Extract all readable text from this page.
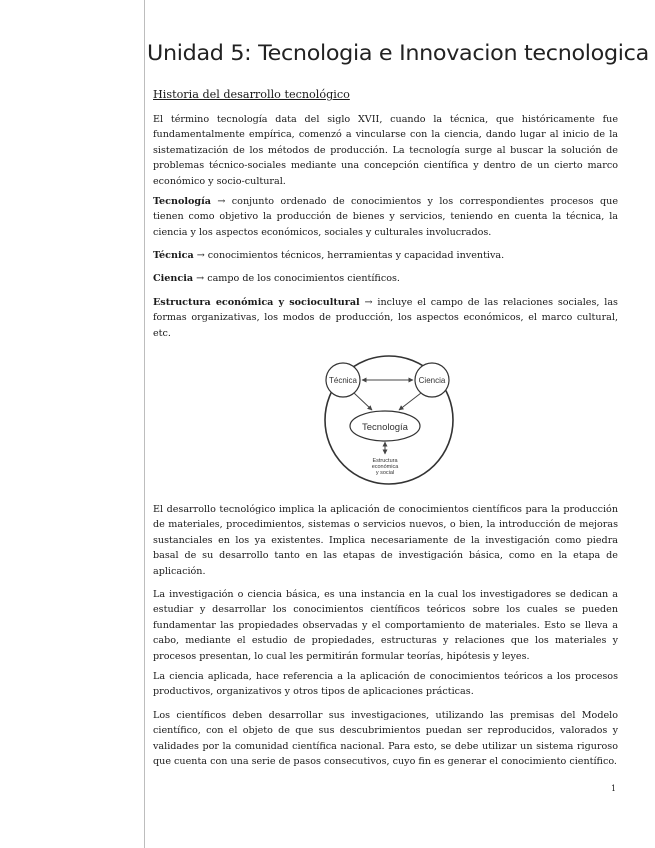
Unidad 5: Tecnologia e Innovacion tecnologica
Historia del desarrollo tecnológico

El término tecnología data del siglo XVII, cuando la técnica, que históricamente fue fundamentalmente empírica, comenzó a vincularse con la ciencia, dando lugar al inicio de la sistematización de los métodos de producción. La tecnología surge al buscar la solución de problemas técnico-sociales mediante una concepción científica y dentro de un cierto marco económico y socio-cultural.

Tecnología → conjunto ordenado de conocimientos y los correspondientes procesos que tienen como objetivo la producción de bienes y servicios, teniendo en cuenta la técnica, la ciencia y los aspectos económicos, sociales y culturales involucrados.

Técnica → conocimientos técnicos, herramientas y capacidad inventiva.

Ciencia → campo de los conocimientos científicos.

Estructura económica y sociocultural → incluye el campo de las relaciones sociales, las formas organizativas, los modos de producción, los aspectos económicos, el marco cultural, etc.

Técnica	Ciencia
Tecnología
Estructura
económica
y social

El desarrollo tecnológico implica la aplicación de conocimientos científicos para la producción de materiales, procedimientos, sistemas o servicios nuevos, o bien, la introducción de mejoras sustanciales en los ya existentes. Implica necesariamente de la investigación como piedra basal de su desarrollo tanto en las etapas de investigación básica, como en la etapa de aplicación.

La investigación o ciencia básica, es una instancia en la cual los investigadores se dedican a estudiar y desarrollar los conocimientos científicos teóricos sobre los cuales se pueden fundamentar las propiedades observadas y el comportamiento de materiales. Esto se lleva a cabo, mediante el estudio de propiedades, estructuras y relaciones que los materiales y procesos presentan, lo cual les permitirán formular teorías, hipótesis y leyes.

La ciencia aplicada, hace referencia a la aplicación de conocimientos teóricos a los procesos productivos, organizativos y otros tipos de aplicaciones prácticas.

Los científicos deben desarrollar sus investigaciones, utilizando las premisas del Modelo científico, con el objeto de que sus descubrimientos puedan ser reproducidos, valorados y validades por la comunidad científica nacional. Para esto, se debe utilizar un sistema riguroso que cuenta con una serie de pasos consecutivos, cuyo fin es generar el conocimiento científico.

1
